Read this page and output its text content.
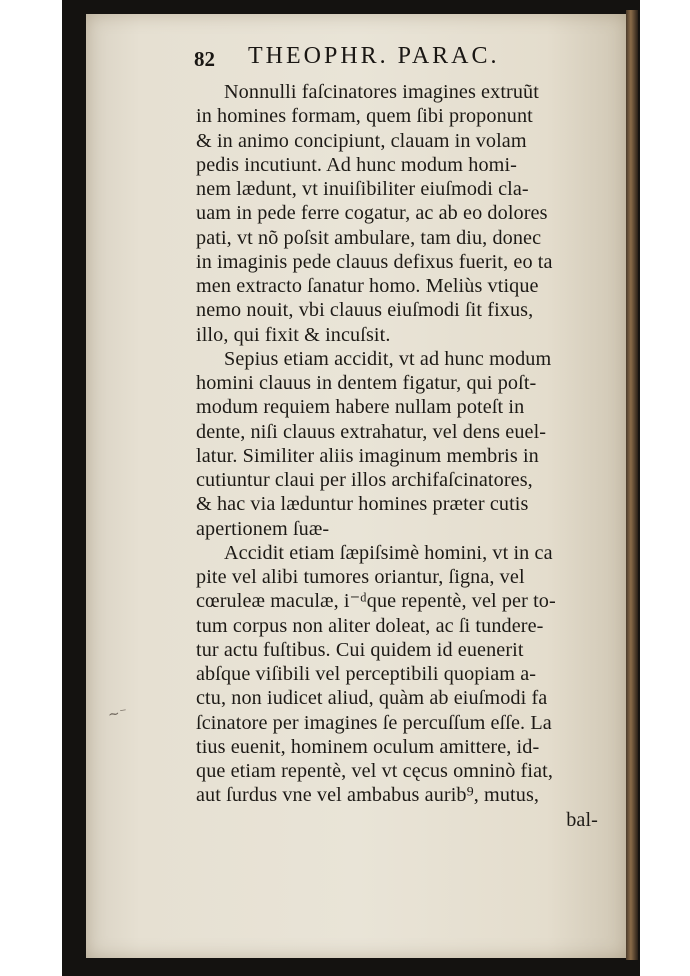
82 THEOPHR. PARAC.
Nonnulli faſcinatores imagines extruũt
in homines formam, quem ſibi proponunt
& in animo concipiunt, clauam in volam
pedis incutiunt. Ad hunc modum homi-
nem lædunt, vt inuiſibiliter eiuſmodi cla-
uam in pede ferre cogatur, ac ab eo dolores
pati, vt nõ poſsit ambulare, tam diu, donec
in imaginis pede clauus defixus fuerit, eo ta
men extracto ſanatur homo. Meliùs vtique
nemo nouit, vbi clauus eiuſmodi ſit fixus,
illo, qui fixit & incuſsit.
Sepius etiam accidit, vt ad hunc modum
homini clauus in dentem figatur, qui poſt-
modum requiem habere nullam poteſt in
dente, niſi clauus extrahatur, vel dens euel-
latur. Similiter aliis imaginum membris in
cutiuntur claui per illos archifaſcinatores,
& hac via læduntur homines præter cutis
apertionem ſuæ-
Accidit etiam ſæpiſsimè homini, vt in ca
pite vel alibi tumores oriantur, ſigna, vel
cœruleæ maculæ, i⁻ᵈque repentè, vel per to-
tum corpus non aliter doleat, ac ſi tundere-
tur actu fuſtibus. Cui quidem id euenerit
abſque viſibili vel perceptibili quopiam a-
ctu, non iudicet aliud, quàm ab eiuſmodi fa
ſcinatore per imagines ſe percuſſum eſſe. La
tius euenit, hominem oculum amittere, id-
que etiam repentè, vel vt cęcus omninò fiat,
aut ſurdus vne vel ambabus aurib⁹, mutus,
bal-
~⁻
